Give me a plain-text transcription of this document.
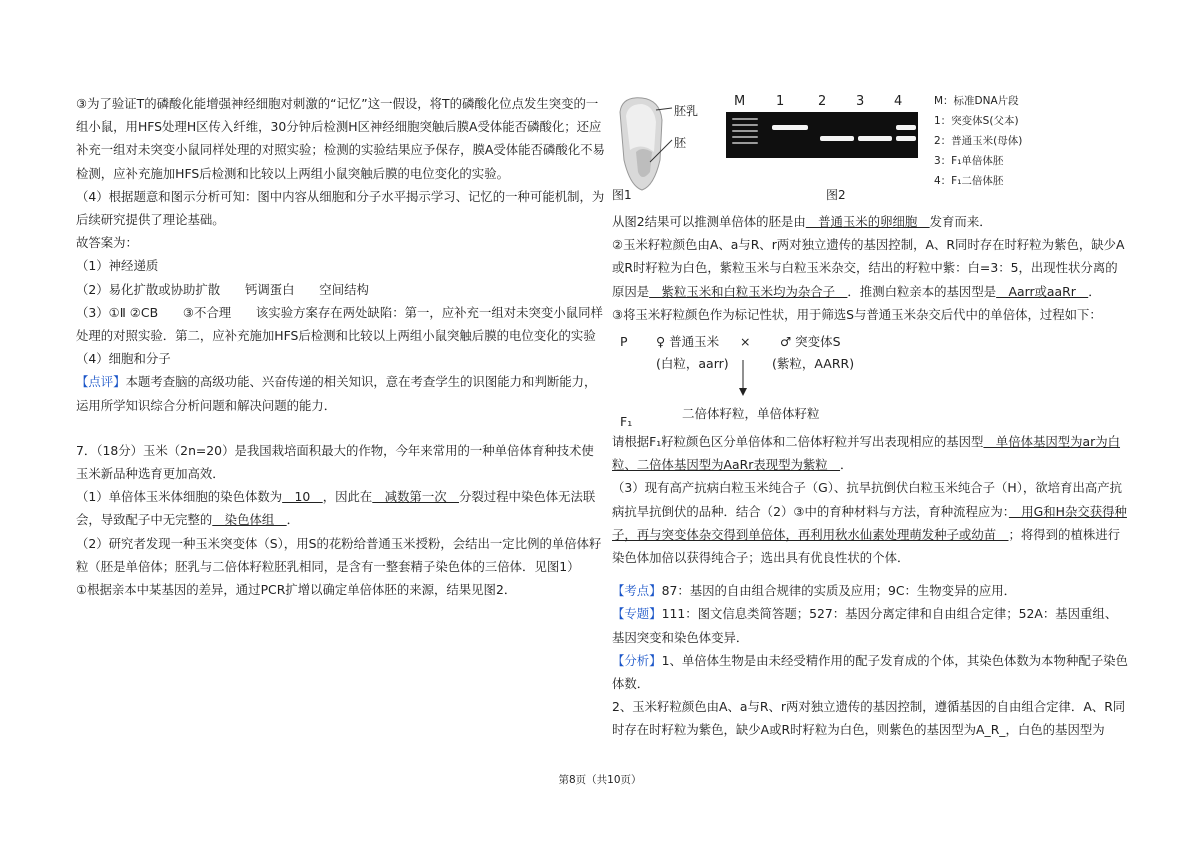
③为了验证T的磷酸化能增强神经细胞对刺激的“记忆”这一假设，将T的磷酸化位点发生突变的一组小鼠，用HFS处理H区传入纤维，30分钟后检测H区神经细胞突触后膜A受体能否磷酸化；还应补充一组对未突变小鼠同样处理的对照实验；检测的实验结果应予保存，膜A受体能否磷酸化不易检测，应补充施加HFS后检测和比较以上两组小鼠突触后膜的电位变化的实验。

（4）根据题意和图示分析可知：图中内容从细胞和分子水平揭示学习、记忆的一种可能机制，为后续研究提供了理论基础。

故答案为：

（1）神经递质

（2）易化扩散或协助扩散　　钙调蛋白　　空间结构

（3）①Ⅱ ②CB　　③不合理　　该实验方案存在两处缺陷：第一，应补充一组对未突变小鼠同样处理的对照实验．第二，应补充施加HFS后检测和比较以上两组小鼠突触后膜的电位变化的实验

（4）细胞和分子

【点评】本题考查脑的高级功能、兴奋传递的相关知识，意在考查学生的识图能力和判断能力，运用所学知识综合分析问题和解决问题的能力．

7．（18分）玉米（2n=20）是我国栽培面积最大的作物，今年来常用的一种单倍体育种技术使玉米新品种选育更加高效．

（1）单倍体玉米体细胞的染色体数为　10　，因此在　减数第一次　分裂过程中染色体无法联会，导致配子中无完整的　染色体组　．

（2）研究者发现一种玉米突变体（S），用S的花粉给普通玉米授粉，会结出一定比例的单倍体籽粒（胚是单倍体；胚乳与二倍体籽粒胚乳相同，是含有一整套精子染色体的三倍体．见图1）

①根据亲本中某基因的差异，通过PCR扩增以确定单倍体胚的来源，结果见图2．

胚乳
胚
图1
M 1	2 3 4
图2
M：标准DNA片段
1：突变体S(父本)
2：普通玉米(母体)
3：F₁单倍体胚
4：F₁二倍体胚

从图2结果可以推测单倍体的胚是由　普通玉米的卵细胞　发育而来．

②玉米籽粒颜色由A、a与R、r两对独立遗传的基因控制，A、R同时存在时籽粒为紫色，缺少A或R时籽粒为白色，紫粒玉米与白粒玉米杂交，结出的籽粒中紫：白=3：5，出现性状分离的原因是　紫粒玉米和白粒玉米均为杂合子　．推测白粒亲本的基因型是　Aarr或aaRr　．

③将玉米籽粒颜色作为标记性状，用于筛选S与普通玉米杂交后代中的单倍体，过程如下：

P ♀ 普通玉米
(白粒，aarr)
× ♂ 突变体S
(紫粒，AARR)
F₁
二倍体籽粒，单倍体籽粒

请根据F₁籽粒颜色区分单倍体和二倍体籽粒并写出表现相应的基因型　单倍体基因型为ar为白粒、二倍体基因型为AaRr表现型为紫粒　．

（3）现有高产抗病白粒玉米纯合子（G）、抗旱抗倒伏白粒玉米纯合子（H），欲培育出高产抗病抗旱抗倒伏的品种．结合（2）③中的育种材料与方法，育种流程应为：　用G和H杂交获得种子，再与突变体杂交得到单倍体，再利用秋水仙素处理萌发种子或幼苗　；将得到的植株进行染色体加倍以获得纯合子；选出具有优良性状的个体．

【考点】87：基因的自由组合规律的实质及应用；9C：生物变异的应用．

【专题】111：图文信息类简答题；527：基因分离定律和自由组合定律；52A：基因重组、基因突变和染色体变异．

【分析】1、单倍体生物是由未经受精作用的配子发育成的个体，其染色体数为本物种配子染色体数．

2、玉米籽粒颜色由A、a与R、r两对独立遗传的基因控制，遵循基因的自由组合定律．A、R同时存在时籽粒为紫色，缺少A或R时籽粒为白色，则紫色的基因型为A_R_，白色的基因型为

第8页（共10页）
